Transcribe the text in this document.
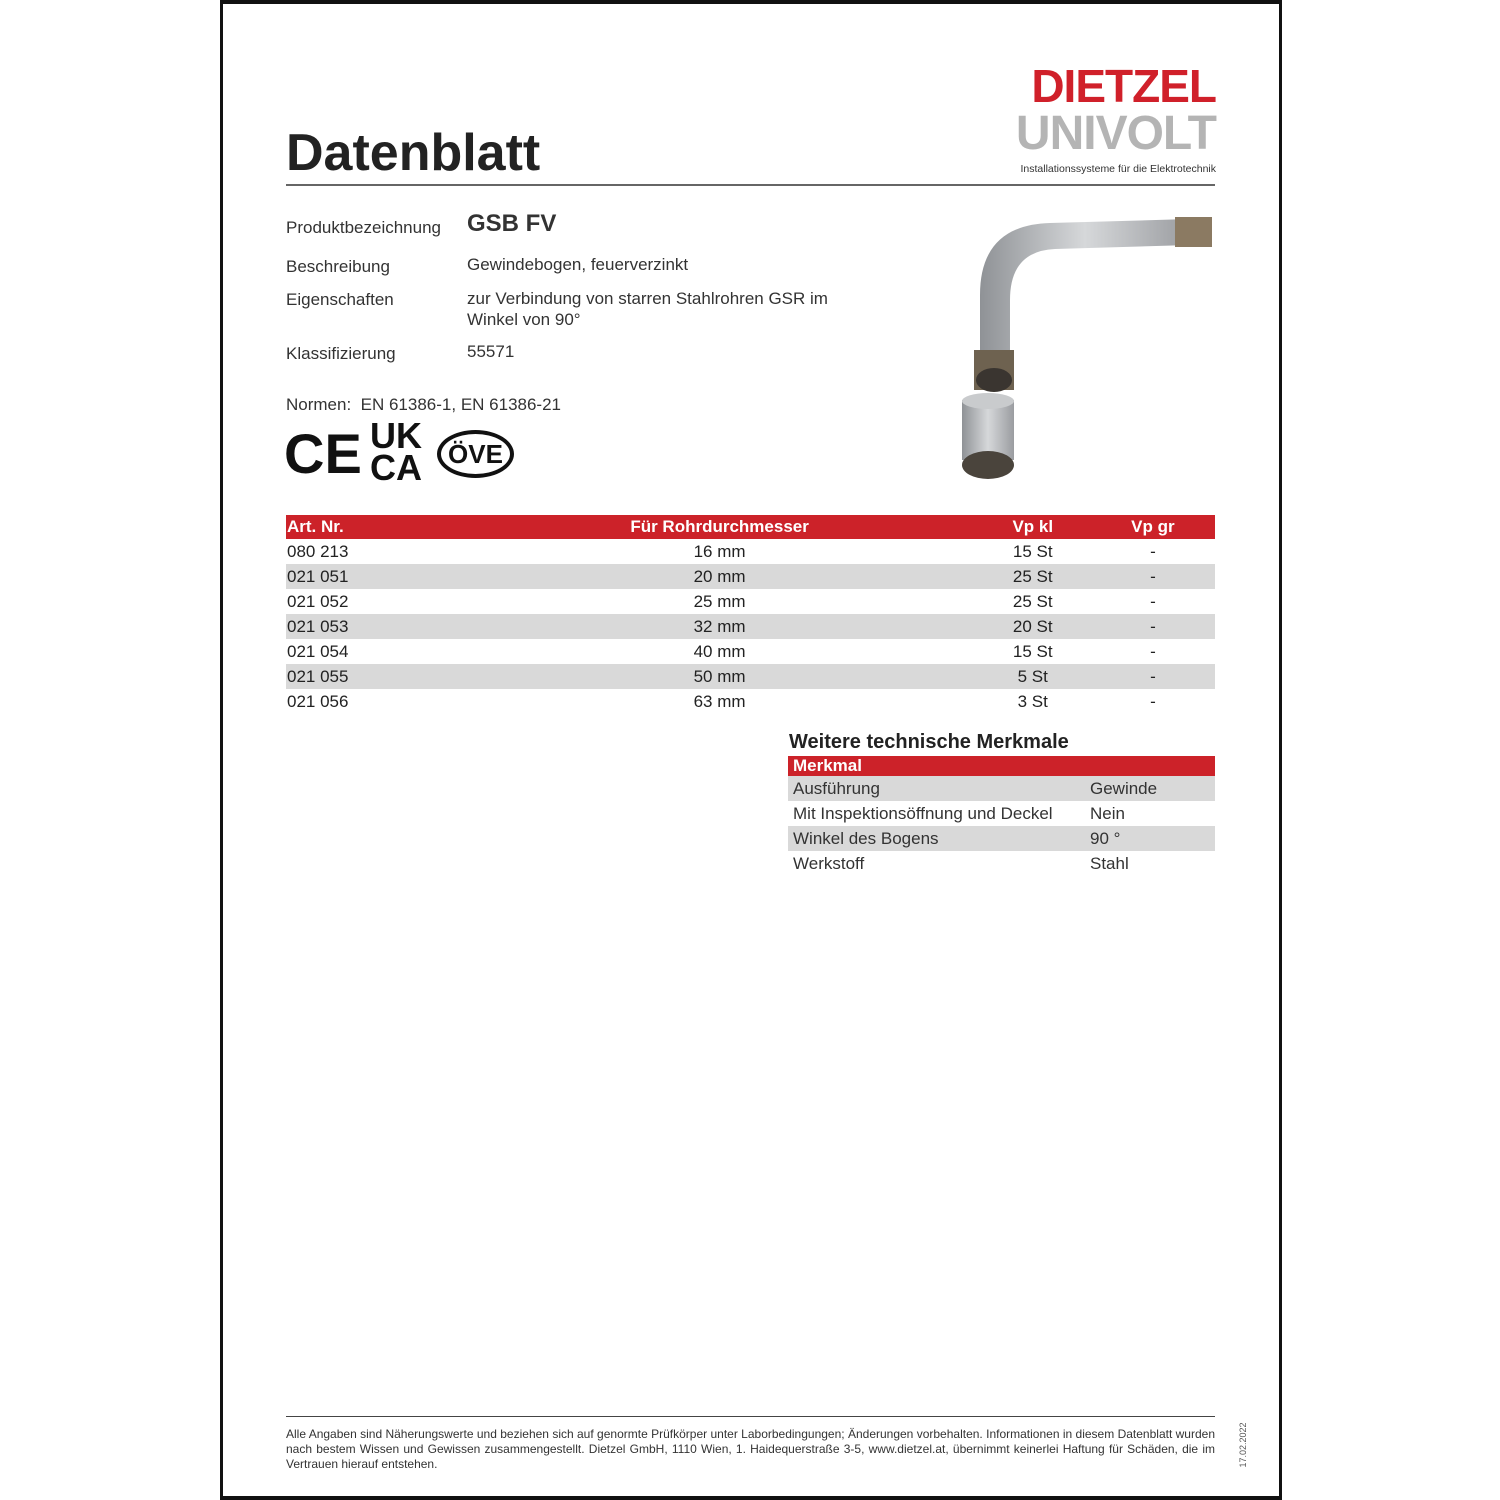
Datenblatt
DIETZEL
UNIVOLT
Installationssysteme für die Elektrotechnik
Produktbezeichnung GSB FV
Beschreibung	Gewindebogen, feuerverzinkt
Eigenschaften	zur Verbindung von starren Stahlrohren GSR im
Winkel von 90°
Klassifizierung	55571
Normen: EN 61386-1, EN 61386-21
CE UK
CA	ÖVE
Art. Nr.	Für Rohrdurchmesser	Vp kl	Vp gr
080 213	16 mm	15 St	-
021 051	20 mm	25 St	-
021 052	25 mm	25 St	-
021 053	32 mm	20 St	-
021 054	40 mm	15 St	-
021 055	50 mm	5 St	-
021 056	63 mm	3 St	-
Weitere technische Merkmale
Merkmal	
Ausführung	Gewinde
Mit Inspektionsöffnung und Deckel	Nein
Winkel des Bogens	90 °
Werkstoff	Stahl
Alle Angaben sind Näherungswerte und beziehen sich auf genormte Prüfkörper unter Laborbedingungen; Änderungen vorbehalten. Informationen in diesem Datenblatt wurden nach bestem Wissen und Gewissen zusammengestellt. Dietzel GmbH, 1110 Wien, 1. Haidequerstraße 3-5, www.dietzel.at, übernimmt keinerlei Haftung für Schäden, die im Vertrauen hierauf entstehen.	17.02.2022
